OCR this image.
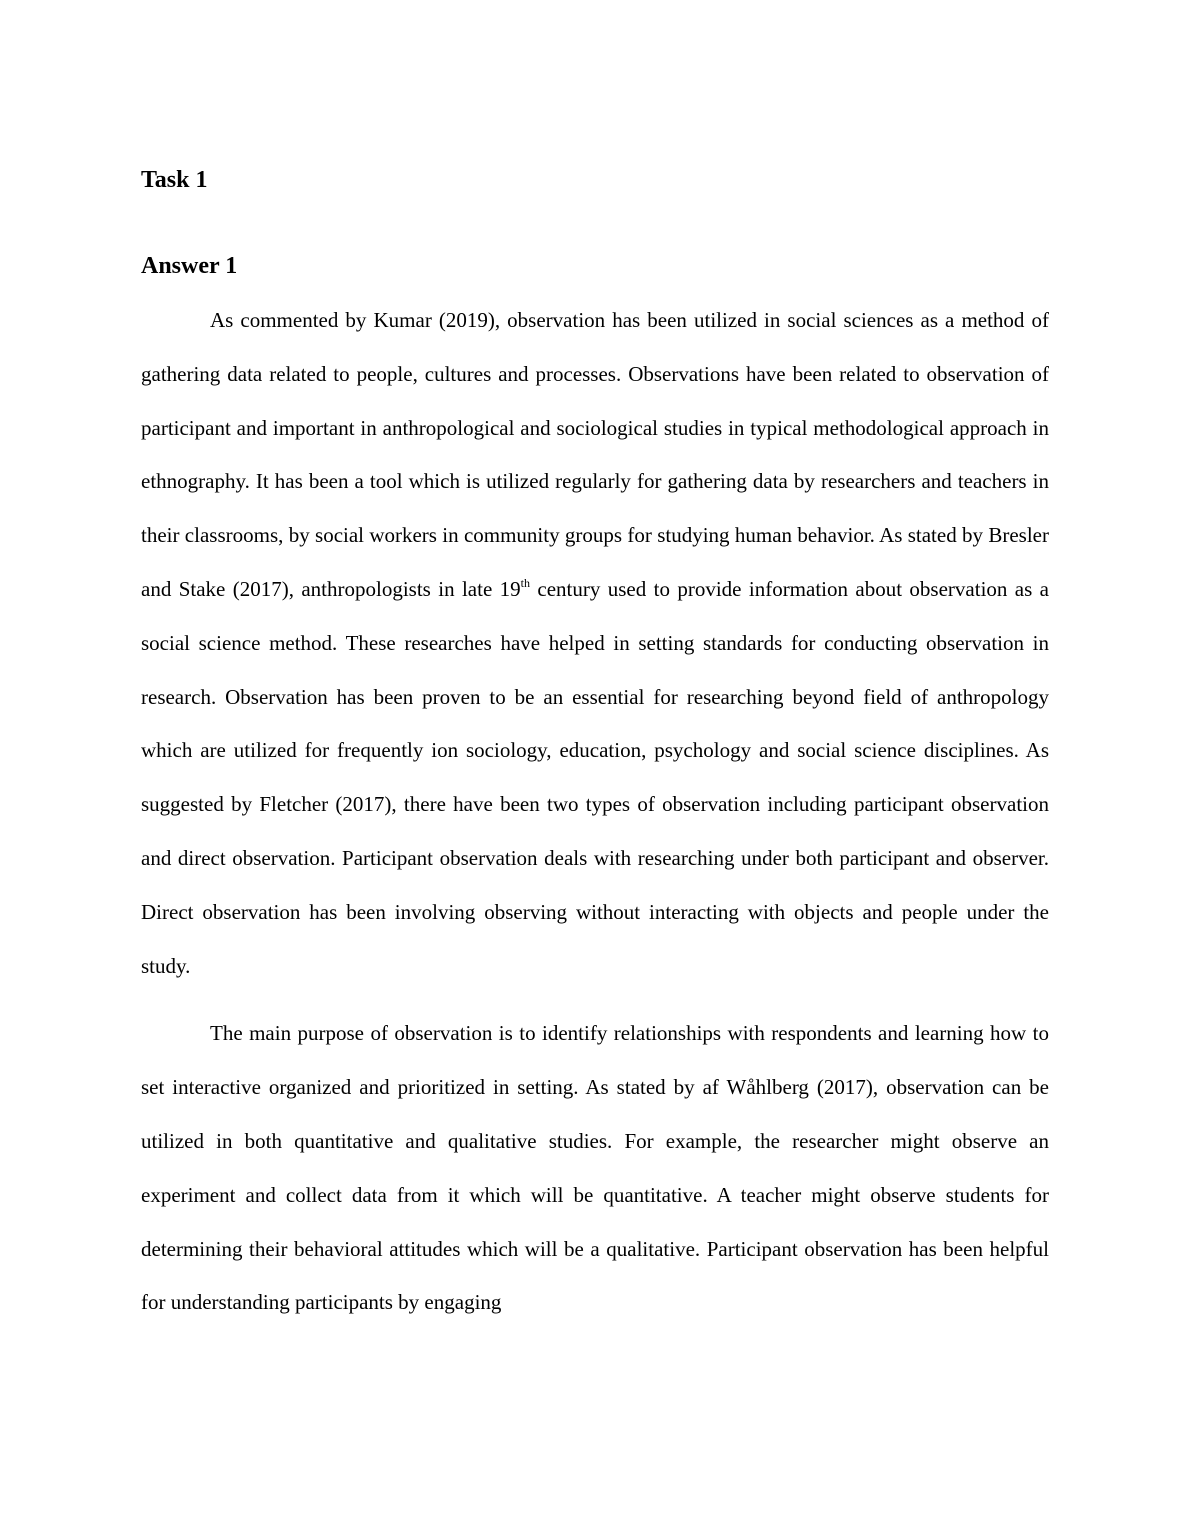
Task 1
Answer 1

As commented by Kumar (2019), observation has been utilized in social sciences as a method of gathering data related to people, cultures and processes. Observations have been related to observation of participant and important in anthropological and sociological studies in typical methodological approach in ethnography. It has been a tool which is utilized regularly for gathering data by researchers and teachers in their classrooms, by social workers in community groups for studying human behavior. As stated by Bresler and Stake (2017), anthropologists in late 19th century used to provide information about observation as a social science method. These researches have helped in setting standards for conducting observation in research. Observation has been proven to be an essential for researching beyond field of anthropology which are utilized for frequently ion sociology, education, psychology and social science disciplines. As suggested by Fletcher (2017), there have been two types of observation including participant observation and direct observation. Participant observation deals with researching under both participant and observer. Direct observation has been involving observing without interacting with objects and people under the study.

The main purpose of observation is to identify relationships with respondents and learning how to set interactive organized and prioritized in setting. As stated by af Wåhlberg (2017), observation can be utilized in both quantitative and qualitative studies. For example, the researcher might observe an experiment and collect data from it which will be quantitative. A teacher might observe students for determining their behavioral attitudes which will be a qualitative. Participant observation has been helpful for understanding participants by engaging
